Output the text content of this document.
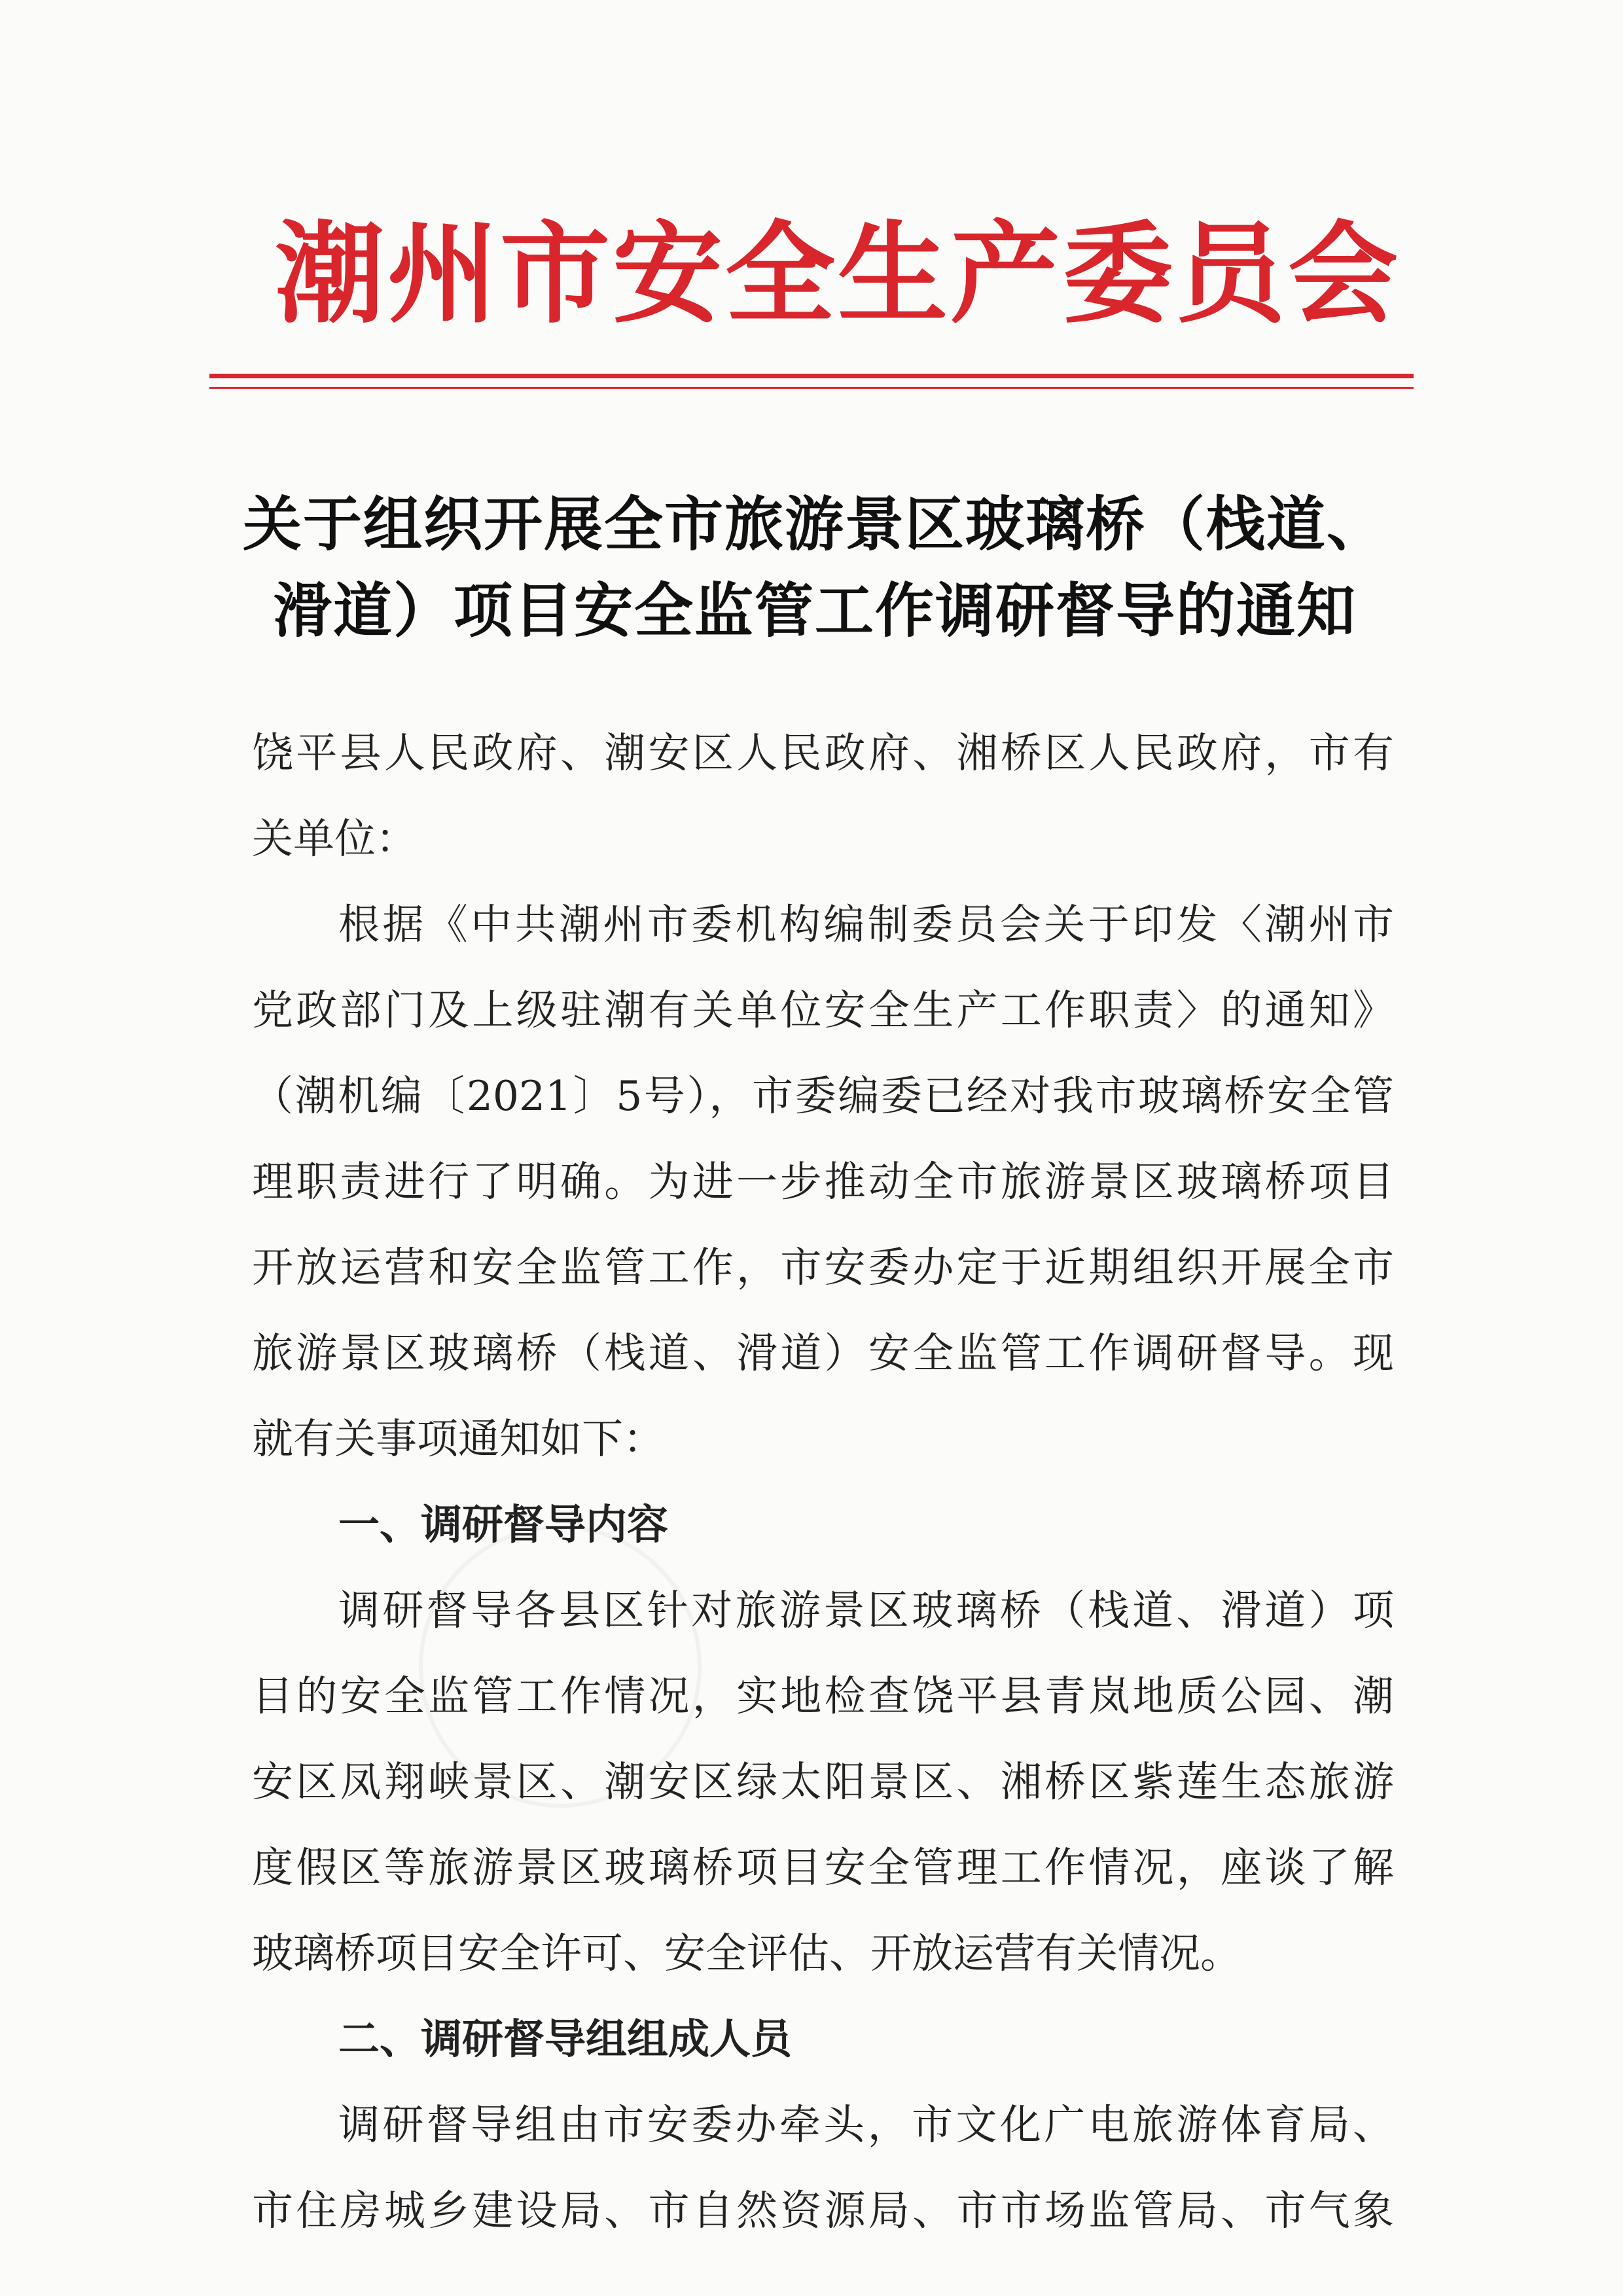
潮州市安全生产委员会
关于组织开展全市旅游景区玻璃桥（栈道、
滑道）项目安全监管工作调研督导的通知
饶平县人民政府、潮安区人民政府、湘桥区人民政府，市有
关单位：
根据《中共潮州市委机构编制委员会关于印发〈潮州市
党政部门及上级驻潮有关单位安全生产工作职责〉的通知》
（潮机编〔2021〕5号），市委编委已经对我市玻璃桥安全管
理职责进行了明确。为进一步推动全市旅游景区玻璃桥项目
开放运营和安全监管工作，市安委办定于近期组织开展全市
旅游景区玻璃桥（栈道、滑道）安全监管工作调研督导。现
就有关事项通知如下：
一、调研督导内容
调研督导各县区针对旅游景区玻璃桥（栈道、滑道）项
目的安全监管工作情况，实地检查饶平县青岚地质公园、潮
安区凤翔峡景区、潮安区绿太阳景区、湘桥区紫莲生态旅游
度假区等旅游景区玻璃桥项目安全管理工作情况，座谈了解
玻璃桥项目安全许可、安全评估、开放运营有关情况。
二、调研督导组组成人员
调研督导组由市安委办牵头，市文化广电旅游体育局、
市住房城乡建设局、市自然资源局、市市场监管局、市气象
